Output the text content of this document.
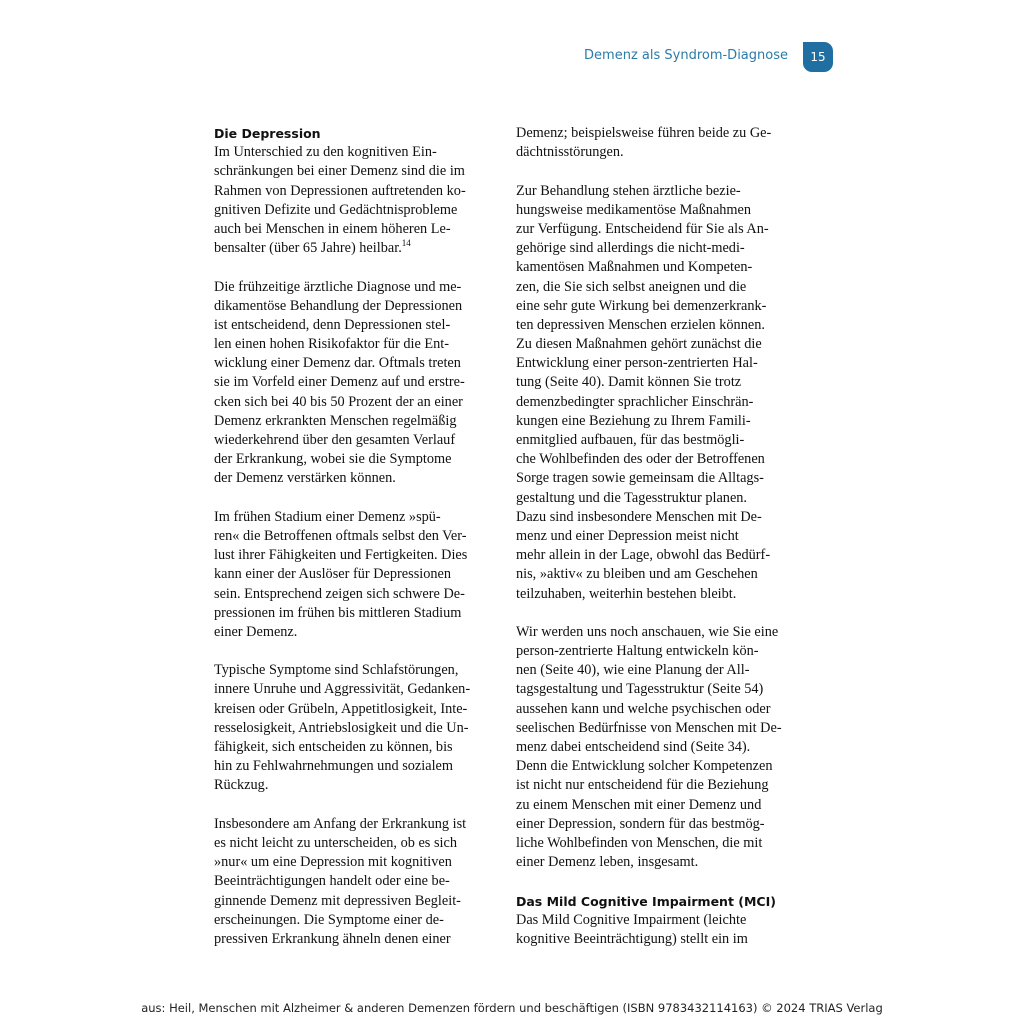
Demenz als Syndrom-Diagnose	15
Die Depression
Im Unterschied zu den kognitiven Ein-
schränkungen bei einer Demenz sind die im
Rahmen von Depressionen auftretenden ko-
gnitiven Defizite und Gedächtnisprobleme
auch bei Menschen in einem höheren Le-
bensalter (über 65 Jahre) heilbar.$^{14}$
Die frühzeitige ärztliche Diagnose und me-
dikamentöse Behandlung der Depressionen
ist entscheidend, denn Depressionen stel-
len einen hohen Risikofaktor für die Ent-
wicklung einer Demenz dar. Oftmals treten
sie im Vorfeld einer Demenz auf und erstre-
cken sich bei 40 bis 50 Prozent der an einer
Demenz erkrankten Menschen regelmäßig
wiederkehrend über den gesamten Verlauf
der Erkrankung, wobei sie die Symptome
der Demenz verstärken können.
Im frühen Stadium einer Demenz »spü-
ren« die Betroffenen oftmals selbst den Ver-
lust ihrer Fähigkeiten und Fertigkeiten. Dies
kann einer der Auslöser für Depressionen
sein. Entsprechend zeigen sich schwere De-
pressionen im frühen bis mittleren Stadium
einer Demenz.
Typische Symptome sind Schlafstörungen,
innere Unruhe und Aggressivität, Gedanken-
kreisen oder Grübeln, Appetitlosigkeit, Inte-
resselosigkeit, Antriebslosigkeit und die Un-
fähigkeit, sich entscheiden zu können, bis
hin zu Fehlwahrnehmungen und sozialem
Rückzug.
Insbesondere am Anfang der Erkrankung ist
es nicht leicht zu unterscheiden, ob es sich
»nur« um eine Depression mit kognitiven
Beeinträchtigungen handelt oder eine be-
ginnende Demenz mit depressiven Begleit-
erscheinungen. Die Symptome einer de-
pressiven Erkrankung ähneln denen einer
Demenz; beispielsweise führen beide zu Ge-
dächtnisstörungen.
Zur Behandlung stehen ärztliche bezie-
hungsweise medikamentöse Maßnahmen
zur Verfügung. Entscheidend für Sie als An-
gehörige sind allerdings die nicht-medi-
kamentösen Maßnahmen und Kompeten-
zen, die Sie sich selbst aneignen und die
eine sehr gute Wirkung bei demenzerkrank-
ten depressiven Menschen erzielen können.
Zu diesen Maßnahmen gehört zunächst die
Entwicklung einer person-zentrierten Hal-
tung (Seite 40). Damit können Sie trotz
demenzbedingter sprachlicher Einschrän-
kungen eine Beziehung zu Ihrem Famili-
enmitglied aufbauen, für das bestmögli-
che Wohlbefinden des oder der Betroffenen
Sorge tragen sowie gemeinsam die Alltags-
gestaltung und die Tagesstruktur planen.
Dazu sind insbesondere Menschen mit De-
menz und einer Depression meist nicht
mehr allein in der Lage, obwohl das Bedürf-
nis, »aktiv« zu bleiben und am Geschehen
teilzuhaben, weiterhin bestehen bleibt.
Wir werden uns noch anschauen, wie Sie eine
person-zentrierte Haltung entwickeln kön-
nen (Seite 40), wie eine Planung der All-
tagsgestaltung und Tagesstruktur (Seite 54)
aussehen kann und welche psychischen oder
seelischen Bedürfnisse von Menschen mit De-
menz dabei entscheidend sind (Seite 34).
Denn die Entwicklung solcher Kompetenzen
ist nicht nur entscheidend für die Beziehung
zu einem Menschen mit einer Demenz und
einer Depression, sondern für das bestmög-
liche Wohlbefinden von Menschen, die mit
einer Demenz leben, insgesamt.
Das Mild Cognitive Impairment (MCI)
Das Mild Cognitive Impairment (leichte
kognitive Beeinträchtigung) stellt ein im
aus: Heil, Menschen mit Alzheimer & anderen Demenzen fördern und beschäftigen (ISBN 9783432114163) © 2024 TRIAS Verlag
